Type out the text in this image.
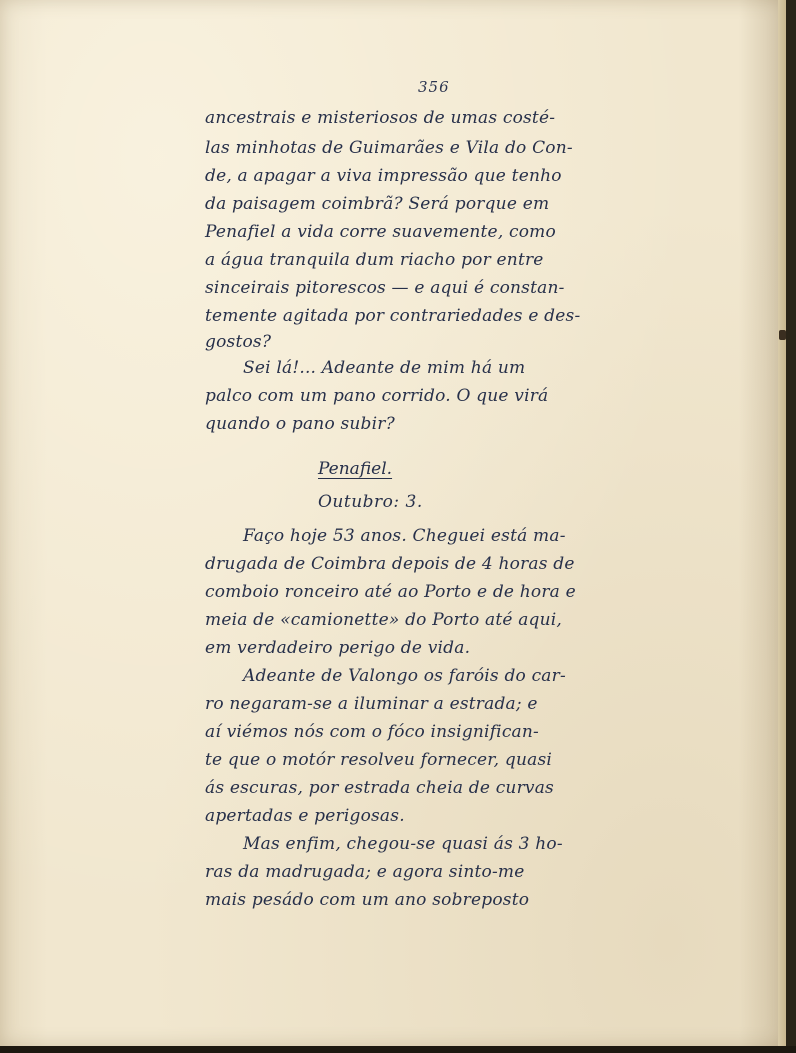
356
ancestrais e misteriosos de umas costé-
las minhotas de Guimarães e Vila do Con-
de, a apagar a viva impressão que tenho
da paisagem coimbrã? Será porque em
Penafiel a vida corre suavemente, como
a água tranquila dum riacho por entre
sinceirais pitorescos — e aqui é constan-
temente agitada por contrariedades e des-
gostos?
Sei lá!... Adeante de mim há um
palco com um pano corrido. O que virá
quando o pano subir?
Penafiel.
Outubro: 3.
Faço hoje 53 anos. Cheguei está ma-
drugada de Coimbra depois de 4 horas de
comboio ronceiro até ao Porto e de hora e
meia de «camionette» do Porto até aqui,
em verdadeiro perigo de vida.
Adeante de Valongo os faróis do car-
ro negaram-se a iluminar a estrada; e
aí viémos nós com o fóco insignifican-
te que o motór resolveu fornecer, quasi
ás escuras, por estrada cheia de curvas
apertadas e perigosas.
Mas enfim, chegou-se quasi ás 3 ho-
ras da madrugada; e agora sinto-me
mais pesádo com um ano sobreposto
